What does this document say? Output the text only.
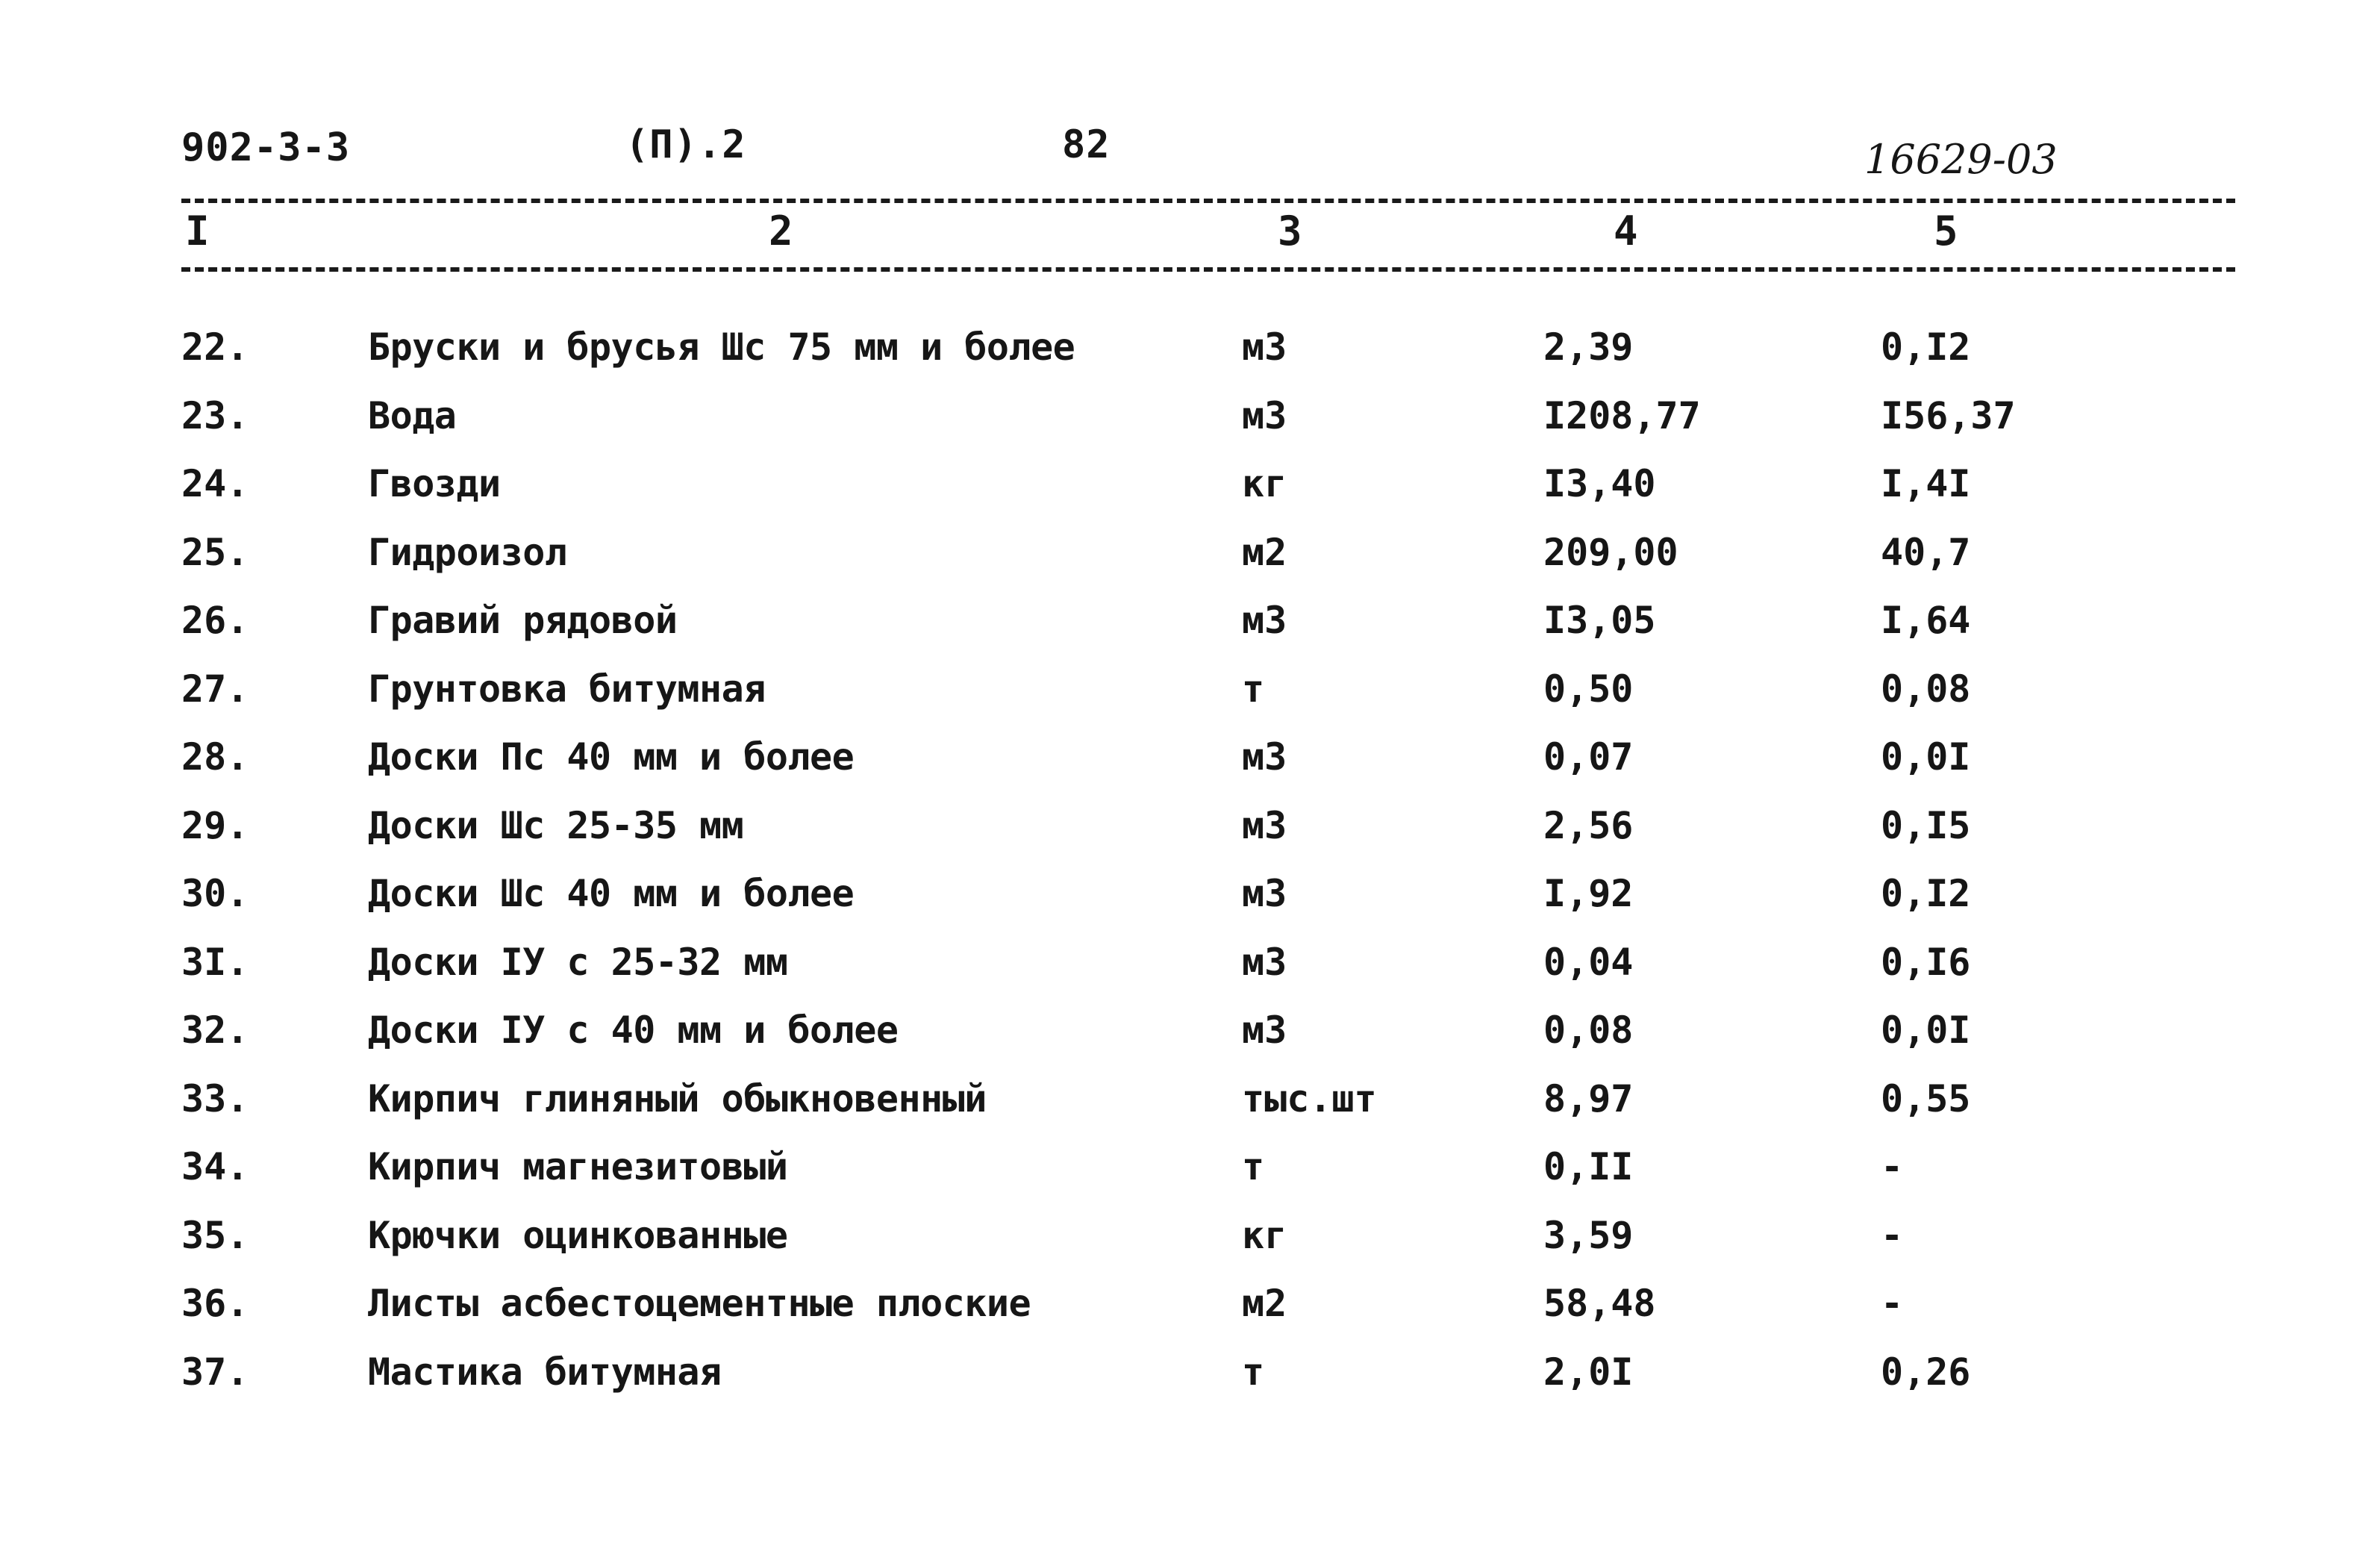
902-3-3	(П).2	82	16629-03
I	2	3	4	5
22.	Бруски и брусья Шс 75 мм и более	м3	2,39	0,I2
23.	Вода	м3	I208,77	I56,37
24.	Гвозди	кг	I3,40	I,4I
25.	Гидроизол	м2	209,00	40,7
26.	Гравий рядовой	м3	I3,05	I,64
27.	Грунтовка битумная	т	0,50	0,08
28.	Доски Пс 40 мм и более	м3	0,07	0,0I
29.	Доски Шс 25-35 мм	м3	2,56	0,I5
30.	Доски Шс 40 мм и более	м3	I,92	0,I2
3I.	Доски IУ с 25-32 мм	м3	0,04	0,I6
32.	Доски IУ с 40 мм и более	м3	0,08	0,0I
33.	Кирпич глиняный обыкновенный	тыс.шт	8,97	0,55
34.	Кирпич магнезитовый	т	0,II	-
35.	Крючки оцинкованные	кг	3,59	-
36.	Листы асбестоцементные плоские	м2	58,48	-
37.	Мастика битумная	т	2,0I	0,26
